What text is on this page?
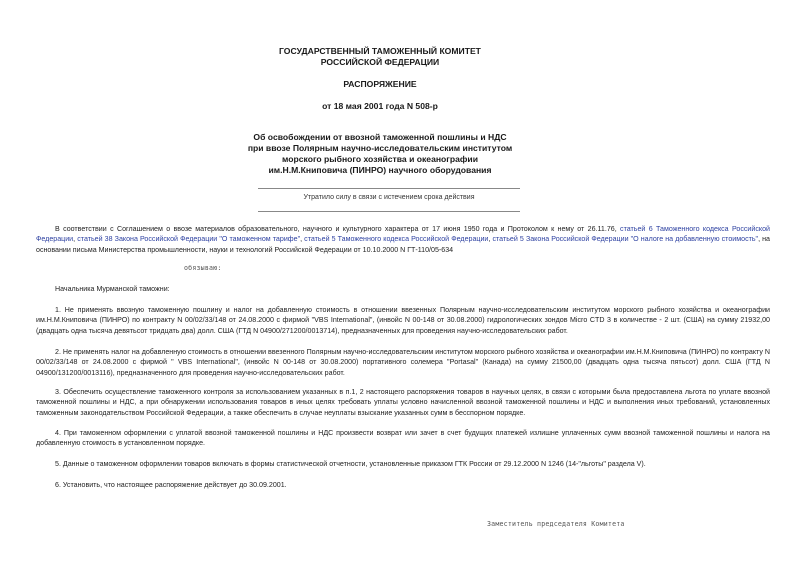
ГОСУДАРСТВЕННЫЙ ТАМОЖЕННЫЙ КОМИТЕТ
РОССИЙСКОЙ ФЕДЕРАЦИИ
РАСПОРЯЖЕНИЕ
от 18 мая 2001 года N 508-р
Об освобождении от ввозной таможенной пошлины и НДС
при ввозе Полярным научно-исследовательским институтом
морского рыбного хозяйства и океанографии
им.Н.М.Книповича (ПИНРО) научного оборудования
Утратило силу в связи с истечением срока действия
В соответствии с Соглашением о ввозе материалов образовательного, научного и культурного характера от 17 июня 1950 года и Протоколом к нему от 26.11.76, статьей 6 Таможенного кодекса Российской Федерации, статьей 38 Закона Российской Федерации "О таможенном тарифе", статьей 5 Таможенного кодекса Российской Федерации, статьей 5 Закона Российской Федерации "О налоге на добавленную стоимость", на основании письма Министерства промышленности, науки и технологий Российской Федерации от 10.10.2000 N ГТ-110/05-634
обязываю:
Начальника Мурманской таможни:
1. Не применять ввозную таможенную пошлину и налог на добавленную стоимость в отношении ввезенных Полярным научно-исследовательским институтом морского рыбного хозяйства и океанографии им.Н.М.Книповича (ПИНРО) по контракту N 00/02/33/148 от 24.08.2000 с фирмой "VBS International", (инвойс N 00-148 от 30.08.2000) гидрологических зондов Micro CTD 3 в количестве - 2 шт. (США) на сумму 21932,00 (двадцать одна тысяча девятьсот тридцать два) долл. США (ГТД N 04900/271200/0013714), предназначенных для проведения научно-исследовательских работ.
2. Не применять налог на добавленную стоимость в отношении ввезенного Полярным научно-исследовательским институтом морского рыбного хозяйства и океанографии им.Н.М.Книповича (ПИНРО) по контракту N 00/02/33/148 от 24.08.2000 с фирмой " VBS International", (инвойс N 00-148 от 30.08.2000) портативного солемера "Portasal" (Канада) на сумму 21500,00 (двадцать одна тысяча пятьсот) долл. США (ГТД N 04900/131200/0013116), предназначенного для проведения научно-исследовательских работ.
3. Обеспечить осуществление таможенного контроля за использованием указанных в п.1, 2 настоящего распоряжения товаров в научных целях, в связи с которыми была предоставлена льгота по уплате ввозной таможенной пошлины и НДС, а при обнаружении использования товаров в иных целях требовать уплаты условно начисленной ввозной таможенной пошлины и НДС и выполнения иных требований, установленных таможенным законодательством Российской Федерации, а также обеспечить в случае неуплаты взыскание указанных сумм в бесспорном порядке.
4. При таможенном оформлении с уплатой ввозной таможенной пошлины и НДС произвести возврат или зачет в счет будущих платежей излишне уплаченных сумм ввозной таможенной пошлины и налога на добавленную стоимость в установленном порядке.
5. Данные о таможенном оформлении товаров включать в формы статистической отчетности, установленные приказом ГТК России от 29.12.2000 N 1246 (14-"льготы" раздела V).
6. Установить, что настоящее распоряжение действует до 30.09.2001.
Заместитель председателя Комитета
